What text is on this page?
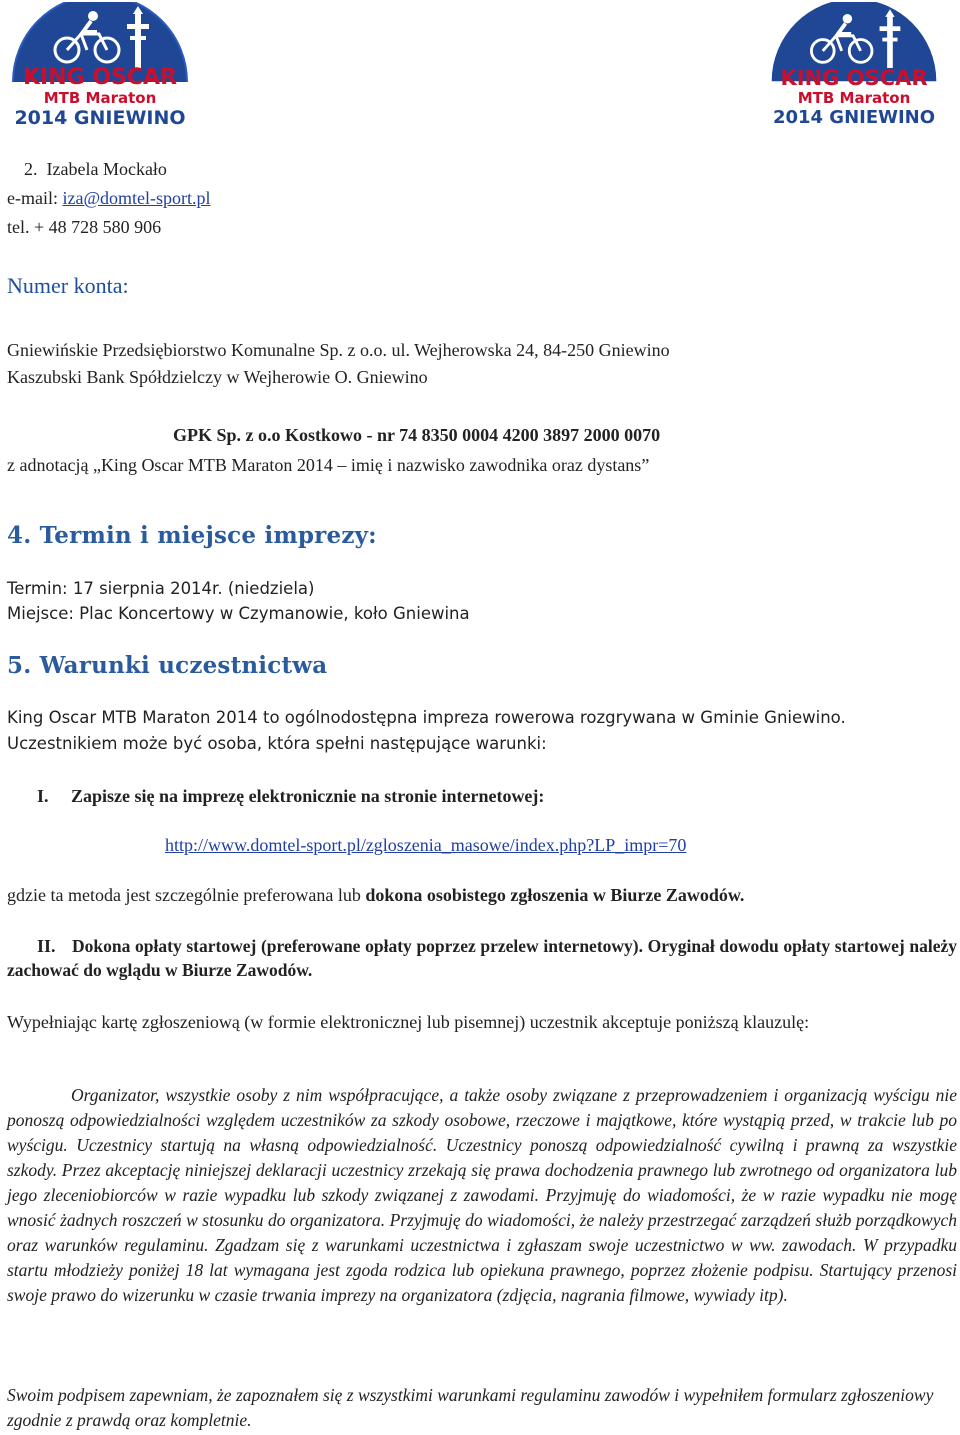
KING OSCAR
MTB Maraton
2014 GNIEWINO
KING OSCAR
MTB Maraton
2014 GNIEWINO
2. Izabela Mockało
e-mail: iza@domtel-sport.pl
tel. + 48 728 580 906
Numer konta:
Gniewińskie Przedsiębiorstwo Komunalne Sp. z o.o. ul. Wejherowska 24, 84-250 Gniewino
Kaszubski Bank Spółdzielczy w Wejherowie O. Gniewino
GPK Sp. z o.o Kostkowo - nr 74 8350 0004 4200 3897 2000 0070
z adnotacją „King Oscar MTB Maraton 2014 – imię i nazwisko zawodnika oraz dystans”
4. Termin i miejsce imprezy:
Termin: 17 sierpnia 2014r. (niedziela)
Miejsce: Plac Koncertowy w Czymanowie, koło Gniewina
5. Warunki uczestnictwa
King Oscar MTB Maraton 2014 to ogólnodostępna impreza rowerowa rozgrywana w Gminie Gniewino.
Uczestnikiem może być osoba, która spełni następujące warunki:
I. Zapisze się na imprezę elektronicznie na stronie internetowej:
http://www.domtel-sport.pl/zgloszenia_masowe/index.php?LP_impr=70
gdzie ta metoda jest szczególnie preferowana lub dokona osobistego zgłoszenia w Biurze Zawodów.
II. Dokona opłaty startowej (preferowane opłaty poprzez przelew internetowy). Oryginał dowodu opłaty startowej należy zachować do wglądu w Biurze Zawodów.
Wypełniając kartę zgłoszeniową (w formie elektronicznej lub pisemnej) uczestnik akceptuje poniższą klauzulę:
Organizator, wszystkie osoby z nim współpracujące, a także osoby związane z przeprowadzeniem i organizacją wyścigu nie ponoszą odpowiedzialności względem uczestników za szkody osobowe, rzeczowe i majątkowe, które wystąpią przed, w trakcie lub po wyścigu. Uczestnicy startują na własną odpowiedzialność. Uczestnicy ponoszą odpowiedzialność cywilną i prawną za wszystkie szkody. Przez akceptację niniejszej deklaracji uczestnicy zrzekają się prawa dochodzenia prawnego lub zwrotnego od organizatora lub jego zleceniobiorców w razie wypadku lub szkody związanej z zawodami. Przyjmuję do wiadomości, że w razie wypadku nie mogę wnosić żadnych roszczeń w stosunku do organizatora. Przyjmuję do wiadomości, że należy przestrzegać zarządzeń służb porządkowych oraz warunków regulaminu. Zgadzam się z warunkami uczestnictwa i zgłaszam swoje uczestnictwo w ww. zawodach. W przypadku startu młodzieży poniżej 18 lat wymagana jest zgoda rodzica lub opiekuna prawnego, poprzez złożenie podpisu. Startujący przenosi swoje prawo do wizerunku w czasie trwania imprezy na organizatora (zdjęcia, nagrania filmowe, wywiady itp).
Swoim podpisem zapewniam, że zapoznałem się z wszystkimi warunkami regulaminu zawodów i wypełniłem formularz zgłoszeniowy zgodnie z prawdą oraz kompletnie.
